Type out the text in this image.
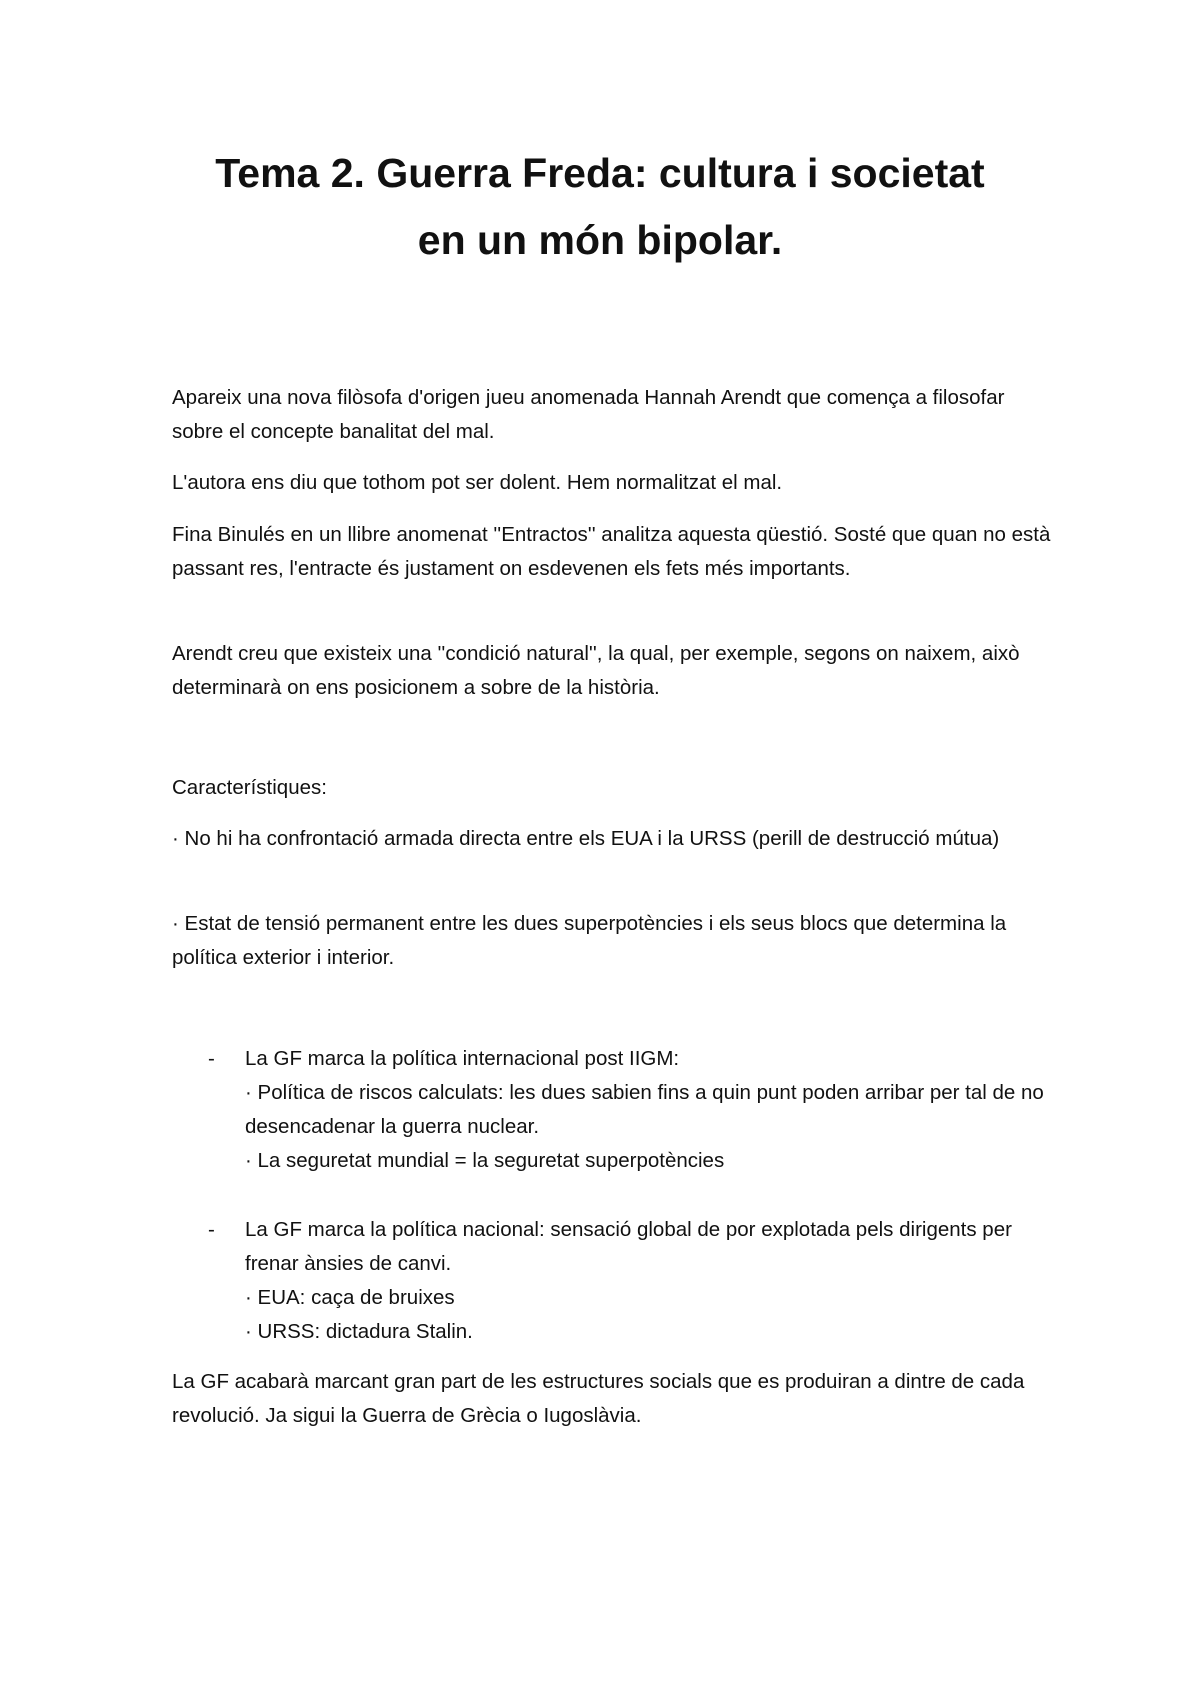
Tema 2. Guerra Freda: cultura i societat
en un món bipolar.

Apareix una nova filòsofa d'origen jueu anomenada Hannah Arendt que comença a filosofar sobre el concepte banalitat del mal.

L'autora ens diu que tothom pot ser dolent. Hem normalitzat el mal.

Fina Binulés en un llibre anomenat ''Entractos'' analitza aquesta qüestió. Sosté que quan no està passant res, l'entracte és justament on esdevenen els fets més importants.

Arendt creu que existeix una ''condició natural'', la qual, per exemple, segons on naixem, això determinarà on ens posicionem a sobre de la història.

Característiques:

· No hi ha confrontació armada directa entre els EUA i la URSS (perill de destrucció mútua)

· Estat de tensió permanent entre les dues superpotències i els seus blocs que determina la política exterior i interior.

- La GF marca la política internacional post IIGM:
· Política de riscos calculats: les dues sabien fins a quin punt poden arribar per tal de no desencadenar la guerra nuclear.
· La seguretat mundial = la seguretat superpotències
- La GF marca la política nacional: sensació global de por explotada pels dirigents per frenar ànsies de canvi.
· EUA: caça de bruixes
· URSS: dictadura Stalin.

La GF acabarà marcant gran part de les estructures socials que es produiran a dintre de cada revolució. Ja sigui la Guerra de Grècia o Iugoslàvia.
